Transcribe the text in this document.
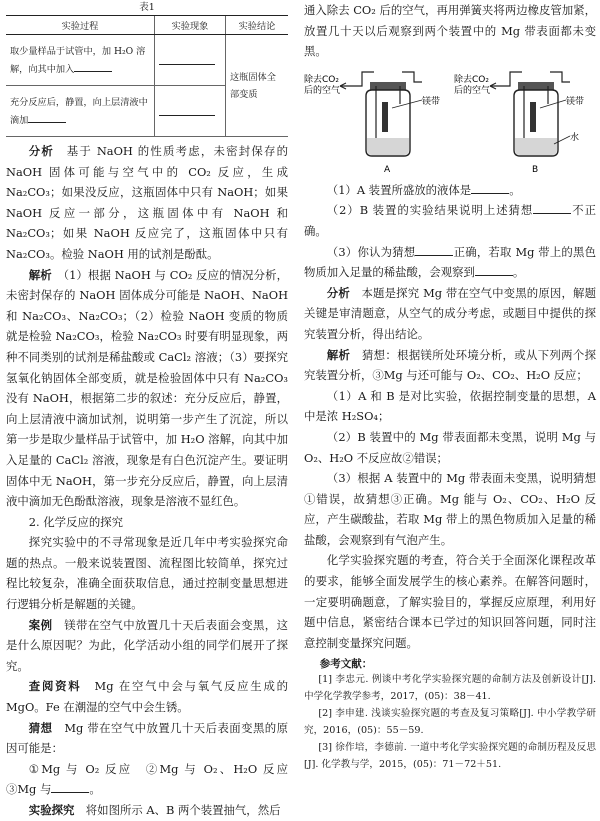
表1
实验过程	实验现象	实验结论
取少量样品于试管中，加 H₂O 溶解，向其中加入		这瓶固体全部变质
充分反应后，静置，向上层清液中滴加		

分析　 基于 NaOH 的性质考虑，未密封保存的 NaOH 固体可能与空气中的 CO₂ 反应，生成 Na₂CO₃；如果没反应，这瓶固体中只有 NaOH；如果 NaOH 反应一部分，这瓶固体中有 NaOH 和 Na₂CO₃；如果 NaOH 反应完了，这瓶固体中只有 Na₂CO₃。检验 NaOH 用的试剂是酚酞。

解析　 （1）根据 NaOH 与 CO₂ 反应的情况分析，未密封保存的 NaOH 固体成分可能是 NaOH、NaOH 和 Na₂CO₃、Na₂CO₃；（2）检验 NaOH 变质的物质就是检验 Na₂CO₃，检验 Na₂CO₃ 时要有明显现象，两种不同类别的试剂是稀盐酸或 CaCl₂ 溶液；（3）要探究氢氧化钠固体全部变质，就是检验固体中只有 Na₂CO₃ 没有 NaOH，根据第二步的叙述：充分反应后，静置，向上层清液中滴加试剂，说明第一步产生了沉淀，所以第一步是取少量样品于试管中，加 H₂O 溶解，向其中加入足量的 CaCl₂ 溶液，现象是有白色沉淀产生。要证明固体中无 NaOH，第一步充分反应后，静置，向上层清液中滴加无色酚酞溶液，现象是溶液不显红色。

2. 化学反应的探究

探究实验中的不寻常现象是近几年中考实验探究命题的热点。一般来说装置图、流程图比较简单，探究过程比较复杂，准确全面获取信息，通过控制变量思想进行逻辑分析是解题的关键。

案例　 镁带在空气中放置几十天后表面会变黑，这是什么原因呢？为此，化学活动小组的同学们展开了探究。

查阅资料　 Mg 在空气中会与氧气反应生成的 MgO。Fe 在潮湿的空气中会生锈。

猜想　 Mg 带在空气中放置几十天后表面变黑的原因可能是：

①Mg 与 O₂ 反应　②Mg 与 O₂、H₂O 反应　③Mg 与	。

实验探究　 将如图所示 A、B 两个装置抽气，然后

通入除去 CO₂ 后的空气，再用弹簧夹将两边橡皮管加紧，放置几十天以后观察到两个装置中的 Mg 带表面都未变黑。

除去CO₂
后的空气
镁带
A
除去CO₂
后的空气
镁带
水
B

（1）A 装置所盛放的液体是	。

（2）B 装置的实验结果说明上述猜想	不正确。

（3）你认为猜想	正确，若取 Mg 带上的黑色物质加入足量的稀盐酸，会观察到	。

分析　 本题是探究 Mg 带在空气中变黑的原因，解题关键是审清题意，从空气的成分考虑，或题目中提供的探究装置分析，得出结论。

解析　 猜想：根据镁所处环境分析，或从下列两个探究装置分析，③Mg 与还可能与 O₂、CO₂、H₂O 反应；

（1）A 和 B 是对比实验，依据控制变量的思想，A 中是浓 H₂SO₄；

（2）B 装置中的 Mg 带表面都未变黑，说明 Mg 与 O₂、H₂O 不反应故②错误；

（3）根据 A 装置中的 Mg 带表面未变黑，说明猜想①错误，故猜想③正确。Mg 能与 O₂、CO₂、H₂O 反应，产生碳酸盐，若取 Mg 带上的黑色物质加入足量的稀盐酸，会观察到有气泡产生。

化学实验探究题的考查，符合关于全面深化课程改革的要求，能够全面发展学生的核心素养。在解答问题时，一定要明确题意，了解实验目的，掌握反应原理，利用好题中信息，紧密结合课本已学过的知识回答问题，同时注意控制变量探究问题。

参考文献：
[1] 李忠元. 例谈中考化学实验探究题的命制方法及创新设计[J]. 中学化学教学参考，2017，(05)：38－41.
[2] 李申建. 浅谈实验探究题的考查及复习策略[J]. 中小学教学研究，2016，(05)：55－59.
[3] 徐作培，李德前. 一道中考化学实验探究题的命制历程及反思[J]. 化学教与学，2015，(05)：71－72＋51.
